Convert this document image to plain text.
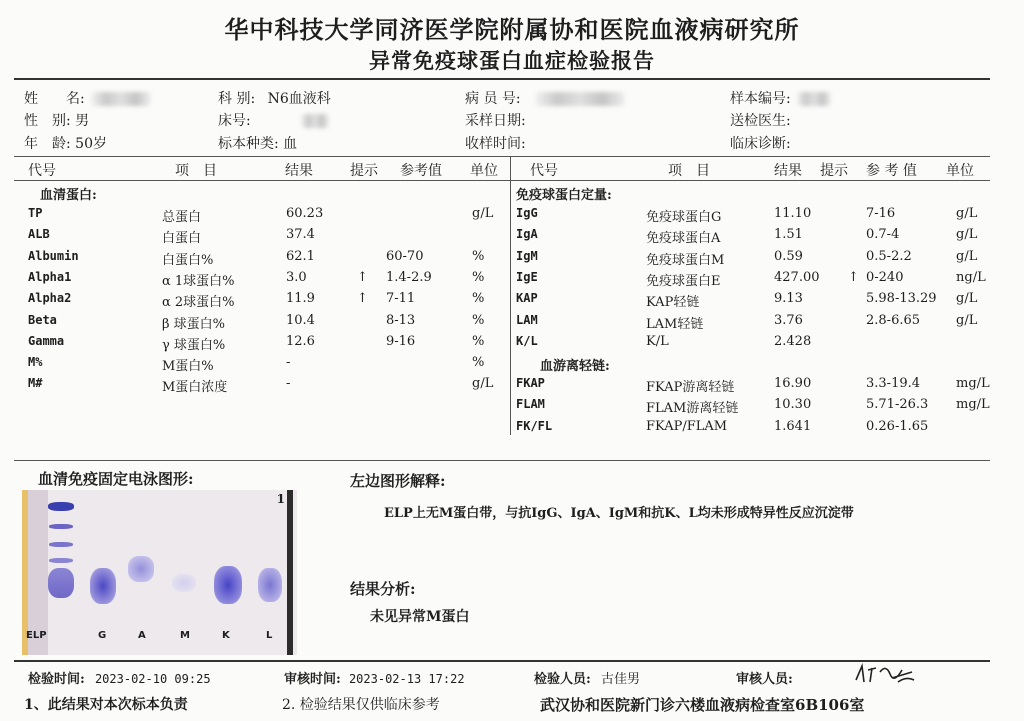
华中科技大学同济医学院附属协和医院血液病研究所
异常免疫球蛋白血症检验报告
姓　　名:
性　别: 男
年　龄: 50岁
科 别: N6血液科
床号:
标本种类: 血
病 员 号:
采样日期:
收样时间:
样本编号:
送检医生:
临床诊断:
代号	项　目	结果	提示 参考值 单位 代号	项　目	结果 提示 参 考 值 单位
血清蛋白:
TP	总蛋白	60.23	g/L
ALB	白蛋白	37.4
Albumin	白蛋白%	62.1	60-70	%
Alpha1	α 1球蛋白%	3.0	↑ 1.4-2.9	%
Alpha2	α 2球蛋白%	11.9	↑ 7-11	%
Beta	β 球蛋白%	10.4	8-13	%
Gamma	γ 球蛋白%	12.6	9-16	%
M%	M蛋白%	-	%
M#	M蛋白浓度	-	g/L
免疫球蛋白定量:
IgG	免疫球蛋白G	11.10	7-16	g/L
IgA	免疫球蛋白A	1.51	0.7-4	g/L
IgM	免疫球蛋白M	0.59	0.5-2.2	g/L
IgE	免疫球蛋白E	427.00 ↑ 0-240	ng/L
KAP	KAP轻链	9.13	5.98-13.29 g/L
LAM	LAM轻链	3.76	2.8-6.65	g/L
K/L	K/L	2.428
血游离轻链:
FKAP	FKAP游离轻链	16.90	3.3-19.4	mg/L
FLAM	FLAM游离轻链	10.30	5.71-26.3 mg/L
FK/FL	FKAP/FLAM	1.641	0.26-1.65
血清免疫固定电泳图形:
1
ELP	G	A	M	K	L
左边图形解释:
ELP上无M蛋白带，与抗IgG、IgA、IgM和抗K、L均未形成特异性反应沉淀带
结果分析:
未见异常M蛋白
检验时间: 2023-02-10 09:25	审核时间: 2023-02-13 17:22	检验人员: 古佳男	审核人员:
1、此结果对本次标本负责	2. 检验结果仅供临床参考	武汉协和医院新门诊六楼血液病检查室6B106室
